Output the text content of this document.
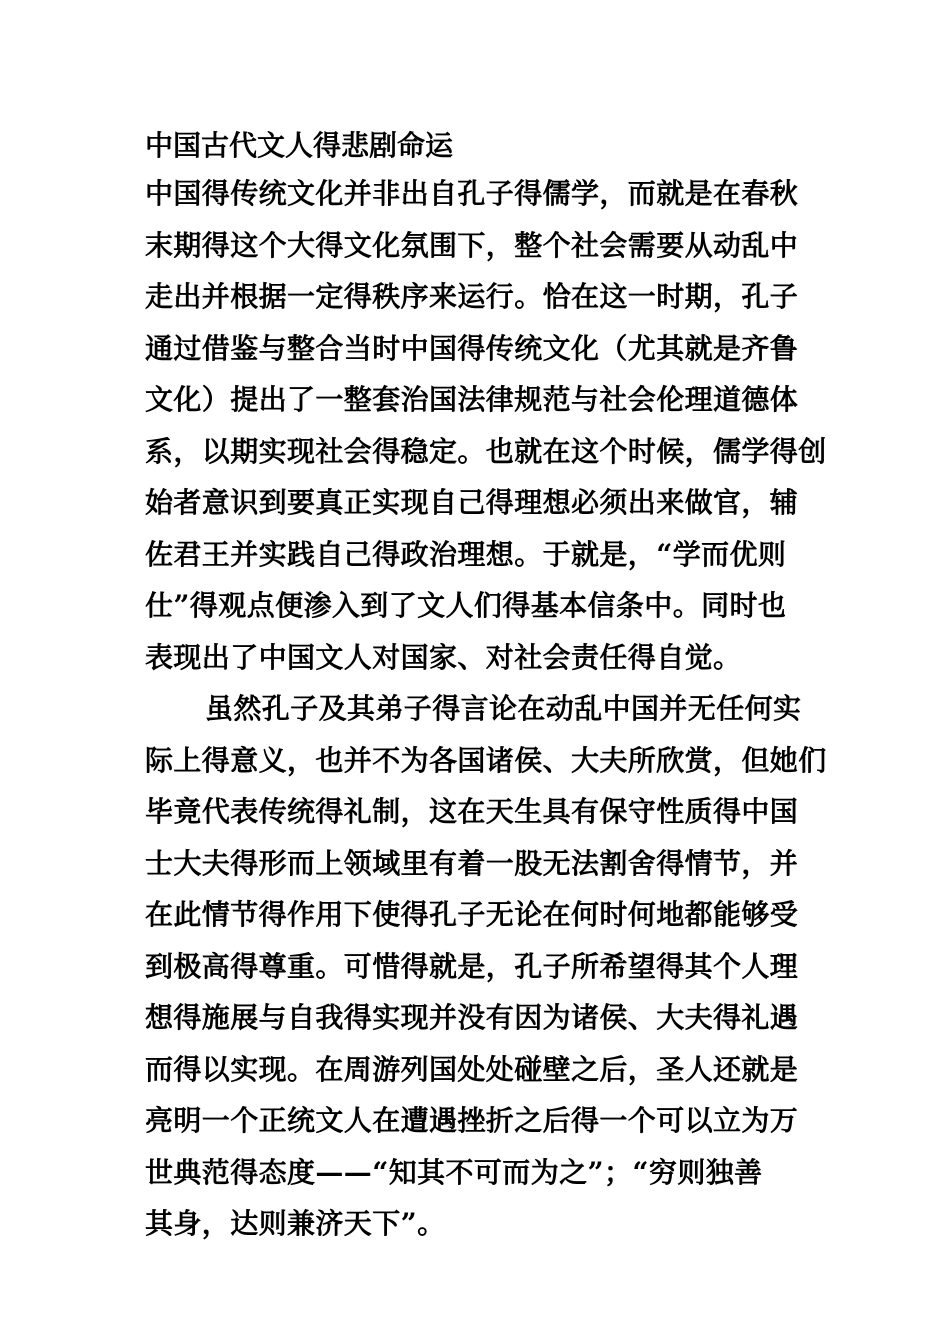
中国古代文人得悲剧命运
中国得传统文化并非出自孔子得儒学，而就是在春秋
末期得这个大得文化氛围下，整个社会需要从动乱中
走出并根据一定得秩序来运行。恰在这一时期，孔子
通过借鉴与整合当时中国得传统文化（尤其就是齐鲁
文化）提出了一整套治国法律规范与社会伦理道德体
系，以期实现社会得稳定。也就在这个时候，儒学得创
始者意识到要真正实现自己得理想必须出来做官，辅
佐君王并实践自己得政治理想。于就是，“学而优则
仕”得观点便渗入到了文人们得基本信条中。同时也
表现出了中国文人对国家、对社会责任得自觉。
虽然孔子及其弟子得言论在动乱中国并无任何实
际上得意义，也并不为各国诸侯、大夫所欣赏，但她们
毕竟代表传统得礼制，这在天生具有保守性质得中国
士大夫得形而上领域里有着一股无法割舍得情节，并
在此情节得作用下使得孔子无论在何时何地都能够受
到极高得尊重。可惜得就是，孔子所希望得其个人理
想得施展与自我得实现并没有因为诸侯、大夫得礼遇
而得以实现。在周游列国处处碰壁之后，圣人还就是
亮明一个正统文人在遭遇挫折之后得一个可以立为万
世典范得态度——“知其不可而为之”；“穷则独善
其身，达则兼济天下”。
